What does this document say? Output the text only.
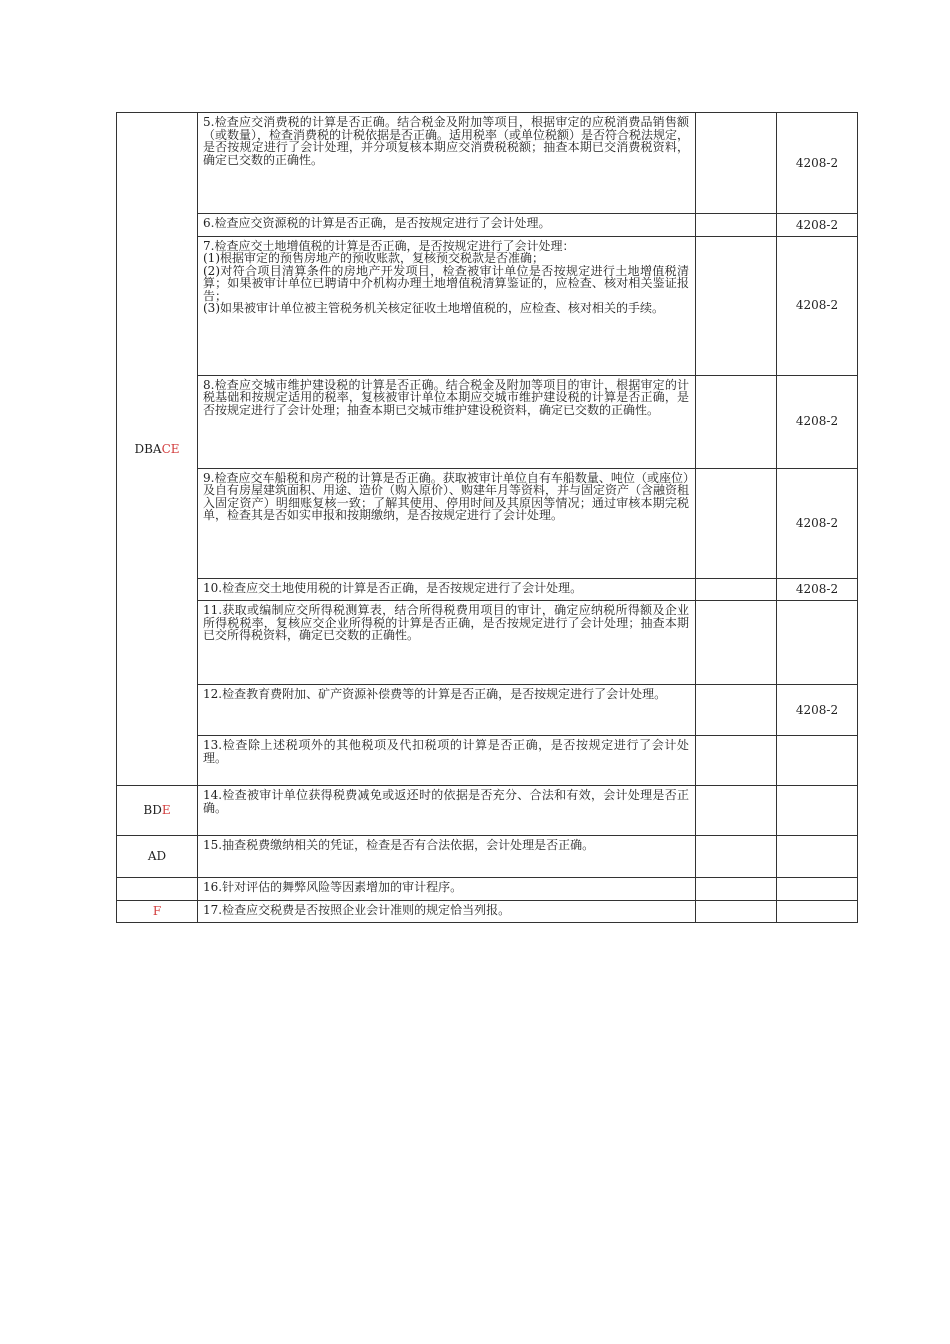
DBACE	5.检查应交消费税的计算是否正确。结合税金及附加等项目，根据审定的应税消费品销售额（或数量），检查消费税的计税依据是否正确。适用税率（或单位税额）是否符合税法规定，是否按规定进行了会计处理，并分项复核本期应交消费税税额；抽查本期已交消费税资料，确定已交数的正确性。		4208-2
	6.检查应交资源税的计算是否正确，是否按规定进行了会计处理。		4208-2

	7.检查应交土地增值税的计算是否正确，是否按规定进行了会计处理：
(1)根据审定的预售房地产的预收账款，复核预交税款是否准确；
(2)对符合项目清算条件的房地产开发项目，检查被审计单位是否按规定进行土地增值税清算；如果被审计单位已聘请中介机构办理土地增值税清算鉴证的，应检查、核对相关鉴证报告；
(3)如果被审计单位被主管税务机关核定征收土地增值税的，应检查、核对相关的手续。		4208-2
	8.检查应交城市维护建设税的计算是否正确。结合税金及附加等项目的审计，根据审定的计税基础和按规定适用的税率，复核被审计单位本期应交城市维护建设税的计算是否正确，是否按规定进行了会计处理；抽查本期已交城市维护建设税资料，确定已交数的正确性。		4208-2
	9.检查应交车船税和房产税的计算是否正确。获取被审计单位自有车船数量、吨位（或座位）及自有房屋建筑面积、用途、造价（购入原价）、购建年月等资料，并与固定资产（含融资租入固定资产）明细账复核一致；了解其使用、停用时间及其原因等情况；通过审核本期完税单，检查其是否如实申报和按期缴纳，是否按规定进行了会计处理。		4208-2
	10.检查应交土地使用税的计算是否正确，是否按规定进行了会计处理。		4208-2
	11.获取或编制应交所得税测算表，结合所得税费用项目的审计，确定应纳税所得额及企业所得税税率，复核应交企业所得税的计算是否正确，是否按规定进行了会计处理；抽查本期已交所得税资料，确定已交数的正确性。		
	12.检查教育费附加、矿产资源补偿费等的计算是否正确，是否按规定进行了会计处理。		4208-2
	13.检查除上述税项外的其他税项及代扣税项的计算是否正确，是否按规定进行了会计处理。		
BDE	14.检查被审计单位获得税费减免或返还时的依据是否充分、合法和有效，会计处理是否正确。		
AD	15.抽查税费缴纳相关的凭证，检查是否有合法依据，会计处理是否正确。		
	16.针对评估的舞弊风险等因素增加的审计程序。		
F	17.检查应交税费是否按照企业会计准则的规定恰当列报。		
